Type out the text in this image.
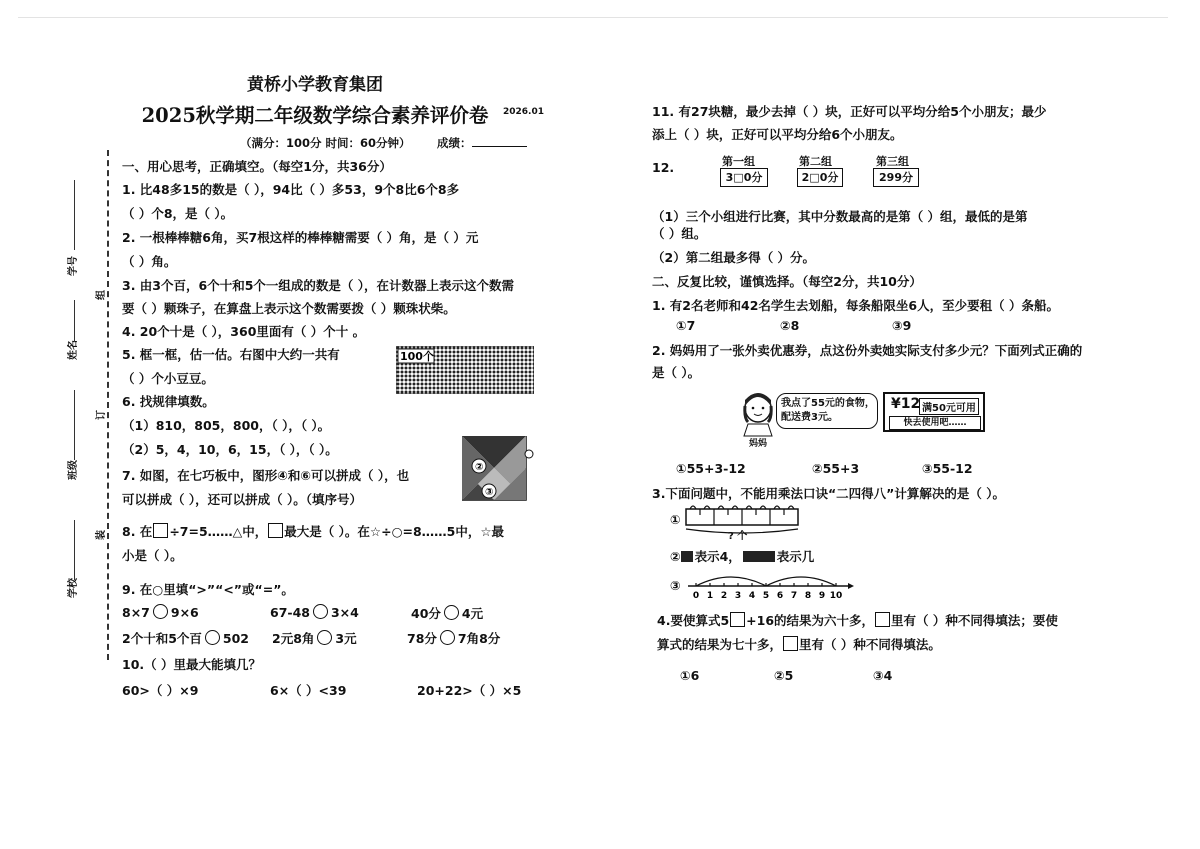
学号
组
姓名
订
班级
装
学校
黄桥小学教育集团
2025秋学期二年级数学综合素养评价卷	2026.01
（满分：100分 时间：60分钟） 成绩：
一、用心思考，正确填空。（每空1分，共36分）
1. 比48多15的数是（ ），94比（ ）多53，9个8比6个8多
（ ）个8，是（ ）。
2. 一根棒棒糖6角，买7根这样的棒棒糖需要（ ）角，是（ ）元
（ ）角。
3. 由3个百，6个十和5个一组成的数是（ ），在计数器上表示这个数需
要（ ）颗珠子，在算盘上表示这个数需要拨（ ）颗珠状柴。
4. 20个十是（ ），360里面有（ ）个十 。
5. 框一框，估一估。右图中大约一共有
（ ）个小豆豆。
100个
6. 找规律填数。
（1）810，805，800，（ ），（ ）。
（2）5，4，10，6，15，（ ），（ ）。
7. 如图，在七巧板中，图形④和⑥可以拼成（ ），也
可以拼成（ ），还可以拼成（ ）。（填序号）
②
③
8. 在 ÷7=5……△中， 最大是（ ）。在☆÷○=8……5中，☆最
小是（ ）。
9. 在○里填“>”“<”或“=”。
8×7 9×6	67-48 3×4	40分 4元
2个十和5个百 502 2元8角 3元	78分 7角8分
10.（ ）里最大能填几？
60>（ ）×9	6×（ ）<39	20+22>（ ）×5
11. 有27块糖，最少去掉（ ）块，正好可以平均分给5个小朋友；最少
添上（ ）块，正好可以平均分给6个小朋友。
12.	第一组
3□0分
第二组
2□0分
第三组
299分
（1）三个小组进行比赛，其中分数最高的是第（ ）组，最低的是第
（ ）组。
（2）第二组最多得（ ）分。
二、反复比较，谨慎选择。（每空2分，共10分）
1. 有2名老师和42名学生去划船，每条船限坐6人，至少要租（ ）条船。
①7	②8	③9
2. 妈妈用了一张外卖优惠券，点这份外卖她实际支付多少元？下面列式正确的
是（ ）。
妈妈
我点了55元的食物，
配送费3元。
¥12 满50元可用
快去使用吧……
①55+3-12	②55+3	③55-12
3.下面问题中，不能用乘法口诀“二四得八”计算解决的是（ ）。
①
? 个
② 表示4，	表示几
③
0 1 2 3 4 5 6 7 8 9 10
4.要使算式5 +16的结果为六十多， 里有（ ）种不同得填法；要使
算式的结果为七十多， 里有（ ）种不同得填法。
①6	②5	③4
